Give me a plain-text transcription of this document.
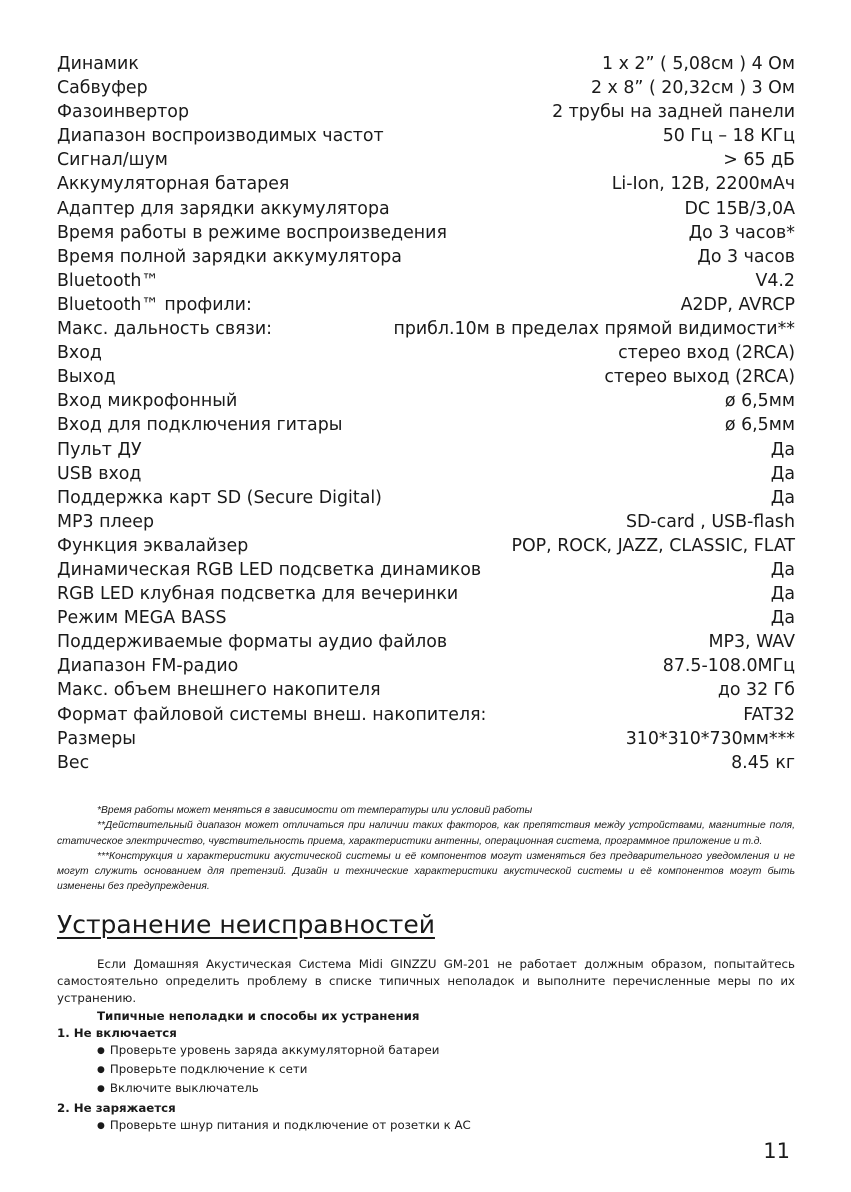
Динамик	1 x 2” ( 5,08см ) 4 Ом
Сабвуфер	2 x 8” ( 20,32см ) 3 Ом
Фазоинвертор	2 трубы на задней панели
Диапазон воспроизводимых частот	50 Гц – 18 КГц
Сигнал/шум	> 65 дБ
Аккумуляторная батарея	Li-Ion, 12В, 2200мАч
Адаптер для зарядки аккумулятора	DC 15В/3,0А
Время работы в режиме воспроизведения	До 3 часов*
Время полной зарядки аккумулятора	До 3 часов
Bluetooth™	V4.2
Bluetooth™ профили:	A2DP, AVRCP
Макс. дальность связи:	прибл.10м в пределах прямой видимости**
Вход	стерео вход (2RCA)
Выход	стерео выход (2RCA)
Вход микрофонный	ø 6,5мм
Вход для подключения гитары	ø 6,5мм
Пульт ДУ	Да
USB вход	Да
Поддержка карт SD (Secure Digital)	Да
МР3 плеер	SD-card , USB-flash
Функция эквалайзер	POP, ROCK, JAZZ, CLASSIC, FLAT
Динамическая RGB LED подсветка динамиков	Да
RGB LED клубная подсветка для вечеринки	Да
Режим MEGA BASS	Да
Поддерживаемые форматы аудио файлов	MP3, WAV
Диапазон FM-радио	87.5-108.0МГц
Макс. объем внешнего накопителя	до 32 Гб
Формат файловой системы внеш. накопителя:	FAT32
Размеры	310*310*730мм***
Вес	8.45 кг

*Время работы может меняться в зависимости от температуры или условий работы

**Действительный диапазон может отличаться при наличии таких факторов, как препятствия между устройствами, магнитные поля, статическое электричество, чувствительность приема, характеристики антенны, операционная система, программное приложение и т.д.

***Конструкция и характеристики акустической системы и её компонентов могут изменяться без предварительного уведомления и не могут служить основанием для претензий. Дизайн и технические характеристики акустической системы и её компонентов могут быть изменены без предупреждения.

Устранение неисправностей

Если Домашняя Акустическая Система Midi GINZZU GM-201 не работает должным образом, попытайтесь самостоятельно определить проблему в списке типичных неполадок и выполните перечисленные меры по их устранению.

Типичные неполадки и способы их устранения
1. Не включается
● Проверьте уровень заряда аккумуляторной батареи
● Проверьте подключение к сети
● Включите выключатель
2. Не заряжается
● Проверьте шнур питания и подключение от розетки к АС
11
